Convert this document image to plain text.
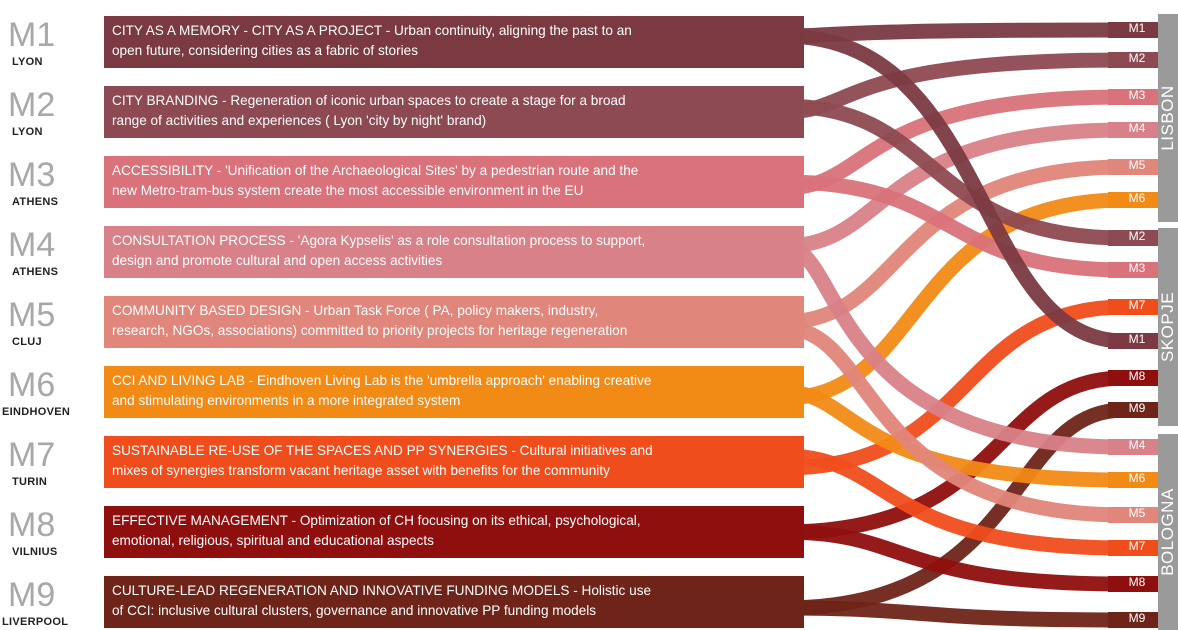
M1
LYON
CITY AS A MEMORY - CITY AS A PROJECT - Urban continuity, aligning the past to an
open future, considering cities as a fabric of stories
M2
LYON
CITY BRANDING - Regeneration of iconic urban spaces to create a stage for a broad
range of activities and experiences ( Lyon 'city by night' brand)
M3
ATHENS
ACCESSIBILITY - 'Unification of the Archaeological Sites' by a pedestrian route and the
new Metro-tram-bus system create the most accessible environment in the EU
M4
ATHENS
CONSULTATION PROCESS - 'Agora Kypselis' as a role consultation process to support,
design and promote cultural and open access activities
M5
CLUJ
COMMUNITY BASED DESIGN - Urban Task Force ( PA, policy makers, industry,
research, NGOs, associations) committed to priority projects for heritage regeneration
M6
EINDHOVEN
CCI AND LIVING LAB - Eindhoven Living Lab is the 'umbrella approach' enabling creative
and stimulating environments in a more integrated system
M7
TURIN
SUSTAINABLE RE-USE OF THE SPACES AND PP SYNERGIES - Cultural initiatives and
mixes of synergies transform vacant heritage asset with benefits for the community
M8
VILNIUS
EFFECTIVE MANAGEMENT - Optimization of CH focusing on its ethical, psychological,
emotional, religious, spiritual and educational aspects
M9
LIVERPOOL
CULTURE-LEAD REGENERATION AND INNOVATIVE FUNDING MODELS - Holistic use
of CCI: inclusive cultural clusters, governance and innovative PP funding models
LISBON
SKOPJE
BOLOGNA
M1
M2
M3
M4
M5
M6
M2
M3
M7
M1
M8
M9
M4
M6
M5
M7
M8
M9
